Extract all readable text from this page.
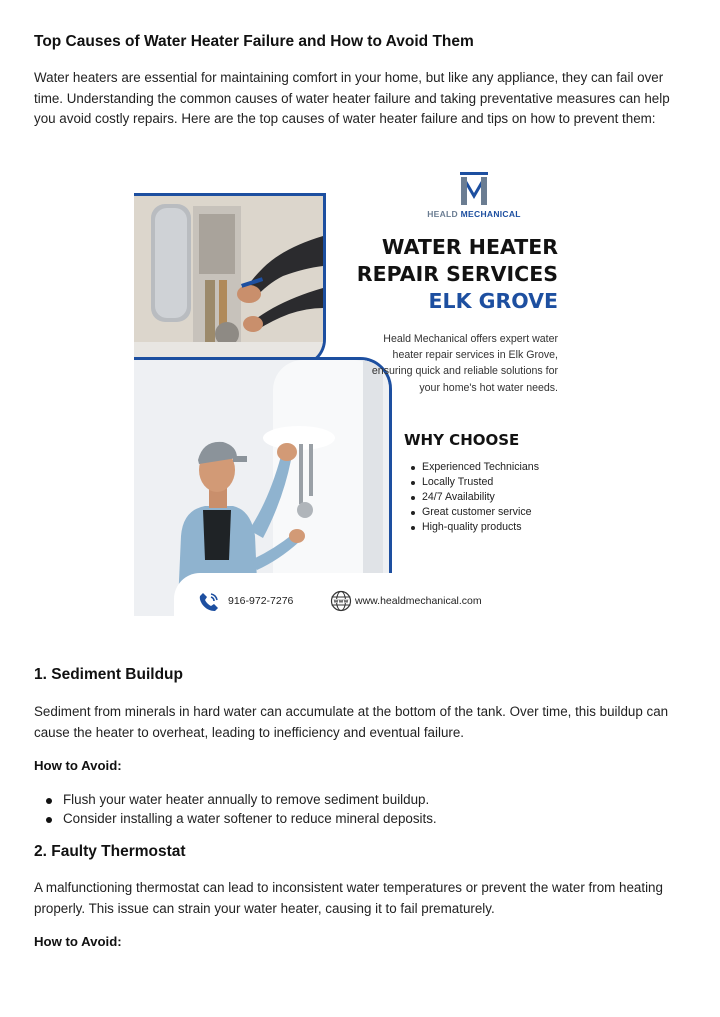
Top Causes of Water Heater Failure and How to Avoid Them
Water heaters are essential for maintaining comfort in your home, but like any appliance, they can fail over time. Understanding the common causes of water heater failure and taking preventative measures can help you avoid costly repairs. Here are the top causes of water heater failure and tips on how to prevent them:
1. Sediment Buildup

Sediment from minerals in hard water can accumulate at the bottom of the tank. Over time, this buildup can cause the heater to overheat, leading to inefficiency and eventual failure.

How to Avoid:
Flush your water heater annually to remove sediment buildup.
Consider installing a water softener to reduce mineral deposits.
2. Faulty Thermostat

A malfunctioning thermostat can lead to inconsistent water temperatures or prevent the water from heating properly. This issue can strain your water heater, causing it to fail prematurely.

How to Avoid:
HEALD MECHANICAL
WATER HEATER
REPAIR SERVICES
ELK GROVE
Heald Mechanical offers expert water heater repair services in Elk Grove, ensuring quick and reliable solutions for your home's hot water needs.
WHY CHOOSE
Experienced Technicians
Locally Trusted
24/7 Availability
Great customer service
High-quality products
916-972-7276	www.healdmechanical.com
